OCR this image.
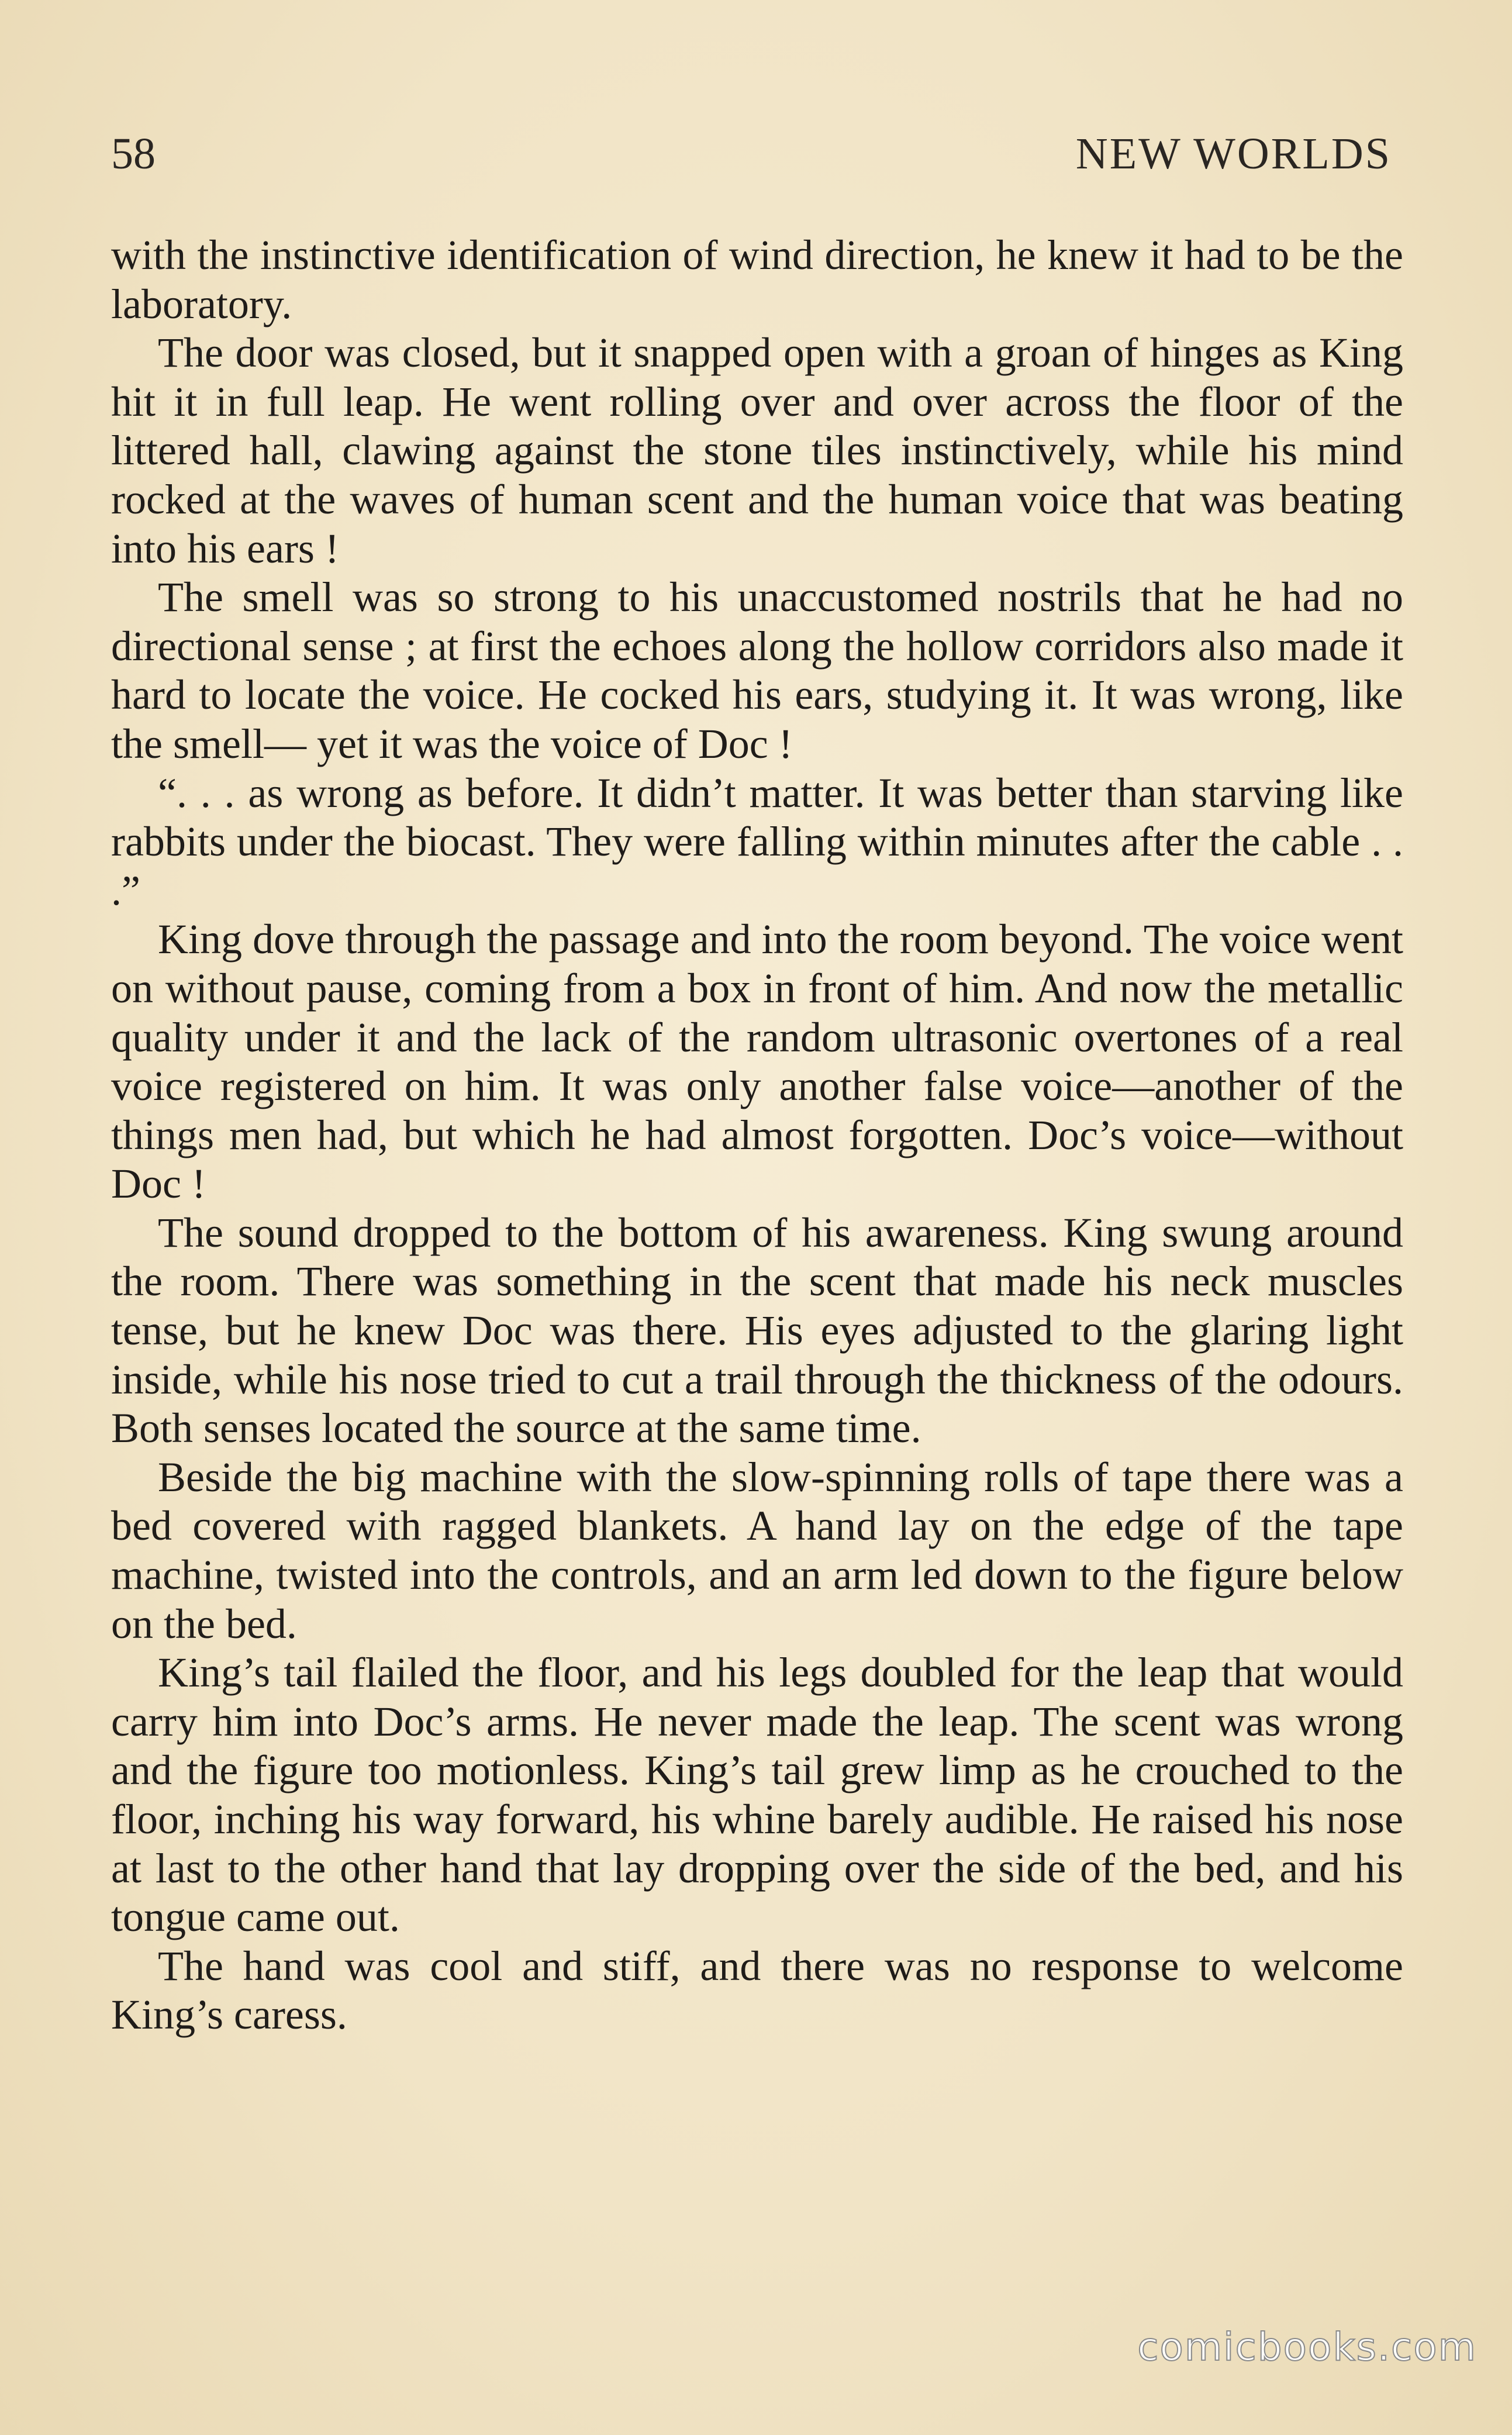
58	NEW WORLDS

with the instinctive identification of wind direction, he knew it had to be the laboratory.

The door was closed, but it snapped open with a groan of hinges as King hit it in full leap. He went rolling over and over across the floor of the littered hall, clawing against the stone tiles instinctively, while his mind rocked at the waves of human scent and the human voice that was beating into his ears !

The smell was so strong to his unaccustomed nostrils that he had no directional sense ; at first the echoes along the hollow corridors also made it hard to locate the voice. He cocked his ears, studying it. It was wrong, like the smell— yet it was the voice of Doc !

“. . . as wrong as before. It didn’t matter. It was better than starving like rabbits under the biocast. They were falling within minutes after the cable . . .”

King dove through the passage and into the room beyond. The voice went on without pause, coming from a box in front of him. And now the metallic quality under it and the lack of the random ultrasonic overtones of a real voice registered on him. It was only another false voice—another of the things men had, but which he had almost forgotten. Doc’s voice—without Doc !

The sound dropped to the bottom of his awareness. King swung around the room. There was something in the scent that made his neck muscles tense, but he knew Doc was there. His eyes adjusted to the glaring light inside, while his nose tried to cut a trail through the thickness of the odours. Both senses located the source at the same time.

Beside the big machine with the slow-spinning rolls of tape there was a bed covered with ragged blankets. A hand lay on the edge of the tape machine, twisted into the controls, and an arm led down to the figure below on the bed.

King’s tail flailed the floor, and his legs doubled for the leap that would carry him into Doc’s arms. He never made the leap. The scent was wrong and the figure too motionless. King’s tail grew limp as he crouched to the floor, inching his way forward, his whine barely audible. He raised his nose at last to the other hand that lay dropping over the side of the bed, and his tongue came out.

The hand was cool and stiff, and there was no response to welcome King’s caress.

comicbooks.com
